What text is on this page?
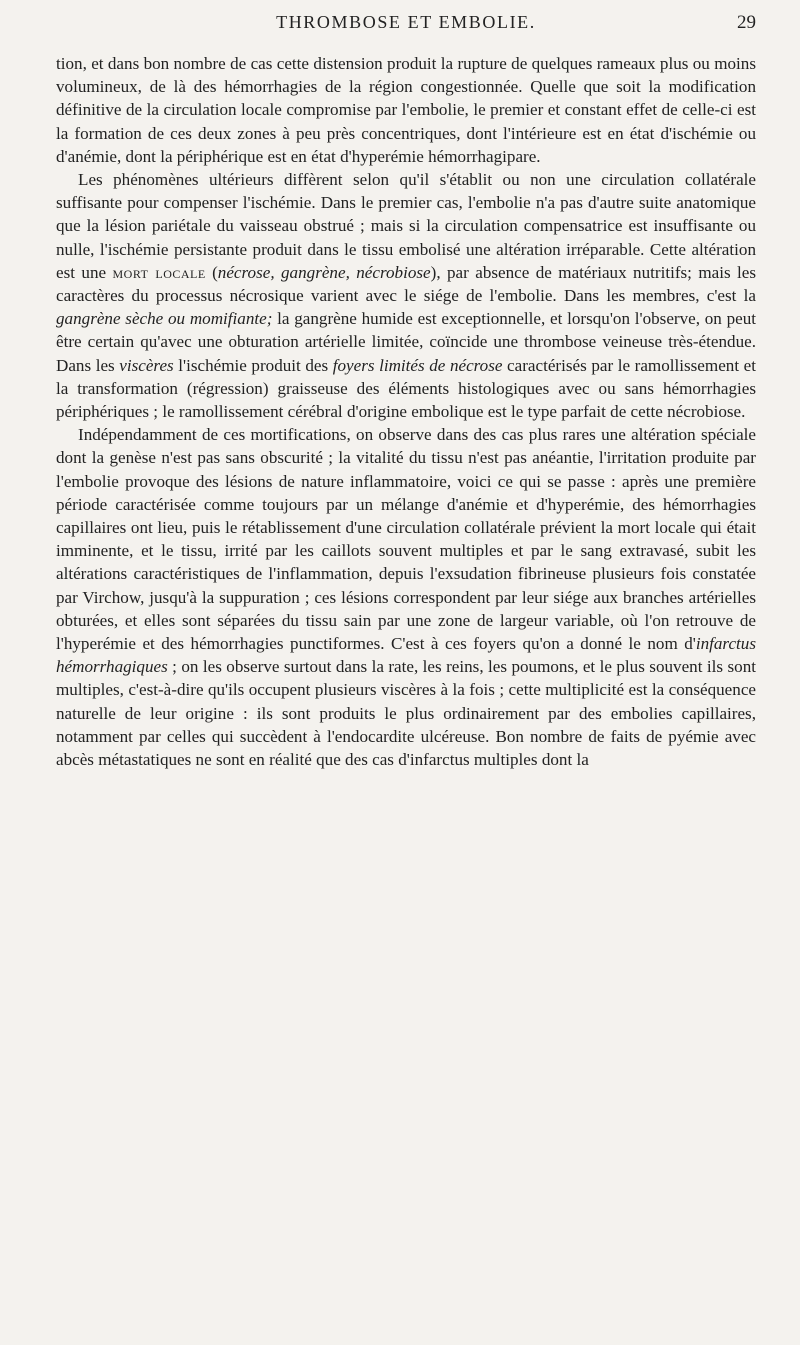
THROMBOSE ET EMBOLIE.	29

tion, et dans bon nombre de cas cette distension produit la rupture de quelques rameaux plus ou moins volumineux, de là des hémorrhagies de la région congestionnée. Quelle que soit la modification définitive de la circulation locale compromise par l'embolie, le premier et constant effet de celle-ci est la formation de ces deux zones à peu près concentriques, dont l'intérieure est en état d'ischémie ou d'anémie, dont la périphérique est en état d'hyperémie hémorrhagipare.

Les phénomènes ultérieurs diffèrent selon qu'il s'établit ou non une circulation collatérale suffisante pour compenser l'ischémie. Dans le premier cas, l'embolie n'a pas d'autre suite anatomique que la lésion pariétale du vaisseau obstrué ; mais si la circulation compensatrice est insuffisante ou nulle, l'ischémie persistante produit dans le tissu embolisé une altération irréparable. Cette altération est une mort locale (nécrose, gangrène, nécrobiose), par absence de matériaux nutritifs; mais les caractères du processus nécrosique varient avec le siége de l'embolie. Dans les membres, c'est la gangrène sèche ou momifiante; la gangrène humide est exceptionnelle, et lorsqu'on l'observe, on peut être certain qu'avec une obturation artérielle limitée, coïncide une thrombose veineuse très-étendue. Dans les viscères l'ischémie produit des foyers limités de nécrose caractérisés par le ramollissement et la transformation (régression) graisseuse des éléments histologiques avec ou sans hémorrhagies périphériques ; le ramollissement cérébral d'origine embolique est le type parfait de cette nécrobiose.

Indépendamment de ces mortifications, on observe dans des cas plus rares une altération spéciale dont la genèse n'est pas sans obscurité ; la vitalité du tissu n'est pas anéantie, l'irritation produite par l'embolie provoque des lésions de nature inflammatoire, voici ce qui se passe : après une première période caractérisée comme toujours par un mélange d'anémie et d'hyperémie, des hémorrhagies capillaires ont lieu, puis le rétablissement d'une circulation collatérale prévient la mort locale qui était imminente, et le tissu, irrité par les caillots souvent multiples et par le sang extravasé, subit les altérations caractéristiques de l'inflammation, depuis l'exsudation fibrineuse plusieurs fois constatée par Virchow, jusqu'à la suppuration ; ces lésions correspondent par leur siége aux branches artérielles obturées, et elles sont séparées du tissu sain par une zone de largeur variable, où l'on retrouve de l'hyperémie et des hémorrhagies punctiformes. C'est à ces foyers qu'on a donné le nom d'infarctus hémorrhagiques ; on les observe surtout dans la rate, les reins, les poumons, et le plus souvent ils sont multiples, c'est-à-dire qu'ils occupent plusieurs viscères à la fois ; cette multiplicité est la conséquence naturelle de leur origine : ils sont produits le plus ordinairement par des embolies capillaires, notamment par celles qui succèdent à l'endocardite ulcéreuse. Bon nombre de faits de pyémie avec abcès métastatiques ne sont en réalité que des cas d'infarctus multiples dont la
